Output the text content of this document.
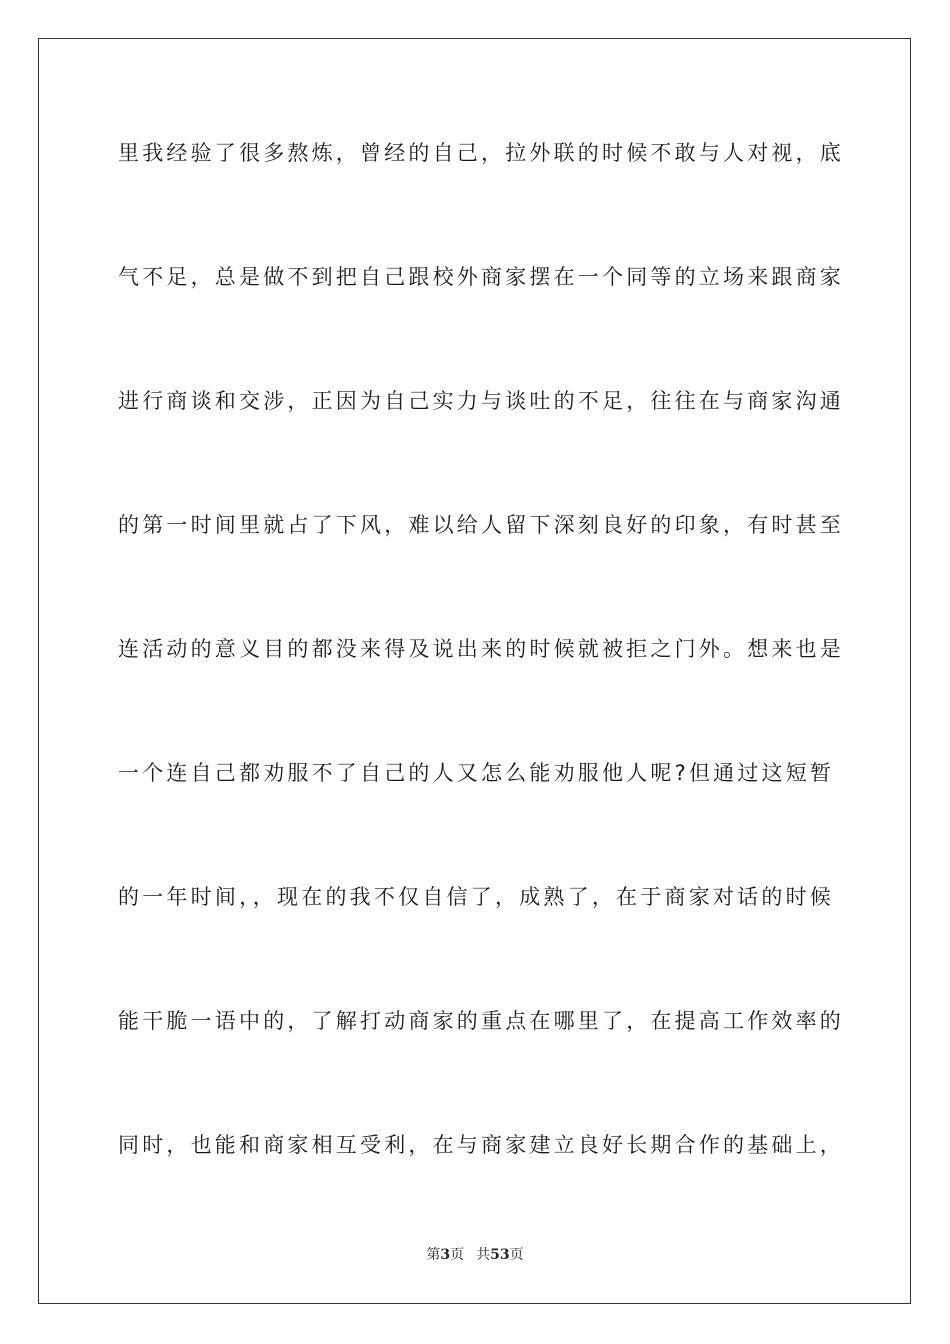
里我经验了很多熬炼，曾经的自己，拉外联的时候不敢与人对视，底
气不足，总是做不到把自己跟校外商家摆在一个同等的立场来跟商家
进行商谈和交涉，正因为自己实力与谈吐的不足，往往在与商家沟通
的第一时间里就占了下风，难以给人留下深刻良好的印象，有时甚至
连活动的意义目的都没来得及说出来的时候就被拒之门外。想来也是
一个连自己都劝服不了自己的人又怎么能劝服他人呢?但通过这短暂
的一年时间，，现在的我不仅自信了，成熟了，在于商家对话的时候
能干脆一语中的，了解打动商家的重点在哪里了，在提高工作效率的
同时，也能和商家相互受利，在与商家建立良好长期合作的基础上，
第3页 共53页
